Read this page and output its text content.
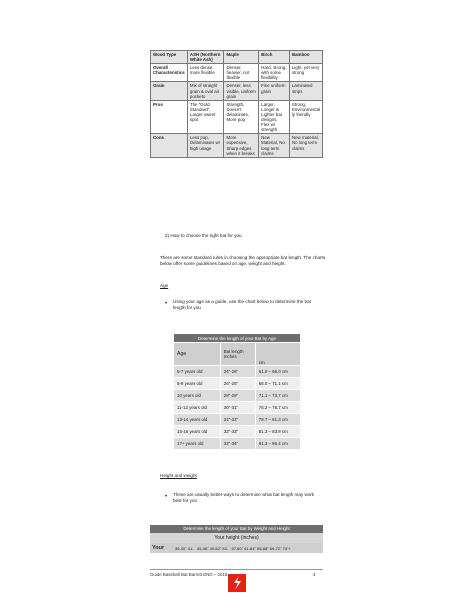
Wood Type	ASH (Northern White Ash)	Maple	Birch	Bamboo
Overall Characteristics	Less dense, more flexible	Denser, heavier, not flexible	Hard, strong, with some flexibility	Light, yet very strong
Grain	Mix of straight grain & oval air pockets	Denser, less visible, uniform grain	Fine uniform grain	Laminated strips
Pros	The "Gold Standard", Larger sweet spot	Strength, Doesn't delaminate, More pop	Larger, Longer & Lighter bat designs, Flex w/ strength	Strong, Environmental ly friendly
Cons	Less pop, Delaminates w/ high usage	More expensive, Sharp edges when it breaks	New Material, No long term claims	New material, No long term claims
2) How to choose the right bat for you
There are some standard rules in choosing the appropriate bat length. The charts below offer some guidelines based on age, weight and height.
Age
• Using your age as a guide, use the chart below to determine the bat length for you
Determine the length of your Bat by Age		
Age	Bat length Inches	cm
5-7 years old	24"-26"	61.0 – 66.0 cm
8-9 years old	26"-28"	66.0 – 71.1 cm
10 years old	28"-29"	71.1 – 73.7 cm
11-12 years old	30"-31"	76.2 – 78.7 cm
13-14 years old	31"-32"	78.7 – 81.3 cm
15-16 years old	32"-33"	81.3 – 83.8 cm
17+ years old	32"-34"	81.3 – 86.4 cm
Height and weight
• These are usually better ways to determine what bat length may work best for you
Determine the length of your Bat by Weight and Height
Your height (inches)
Your	36-40" 41-   45-48" 49-52" 53-   57-60" 61-64" 65-68" 69-72" 73"+
Guide Baseball Bat Barrett ENG – 2016	3
